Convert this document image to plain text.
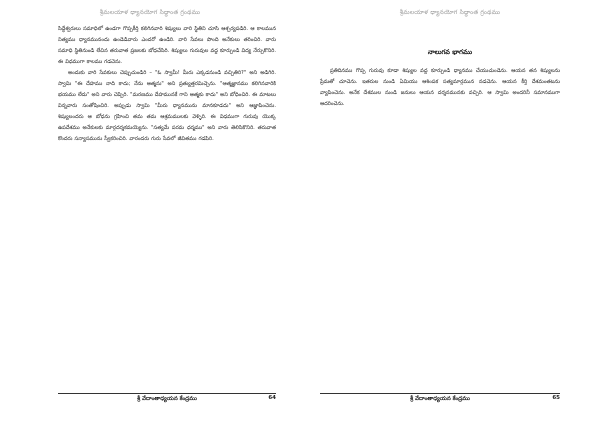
శ్రీమలయాళ ధ్యానయోగ సిద్ధాంత గ్రంథము

సిద్ధేశ్వరులు సమాధిలో ఉండగా గొప్పకీర్తి కలిగినవారి శిష్యులు వారి స్థితిని చూసి ఆశ్చర్యపడిరి. ఆ కాలమున నిత్యము ధ్యానమునందు ఉండెడివారు ఎందరో ఉండిరి. వారి సేవలు పొంది అనేకులు తరించిరి. వారు సమాధి స్థితినుండి లేచిన తరువాత ప్రజలకు బోధచేసిరి. శిష్యులు గురువుల వద్ద కూర్చుండి విద్య నేర్చుకొనిరి. ఈ విధముగా కాలము గడచెను.

అందుకు వారి సేవకులు చెప్పుచుండిరి – "ఓ స్వామీ! మీరు ఎక్కడనుండి వచ్చితిరి?" అని అడిగిరి. స్వామి "ఈ దేహము నాది కాదు; నేను ఆత్మను" అని ప్రత్యుత్తరమిచ్చెను. "ఆత్మజ్ఞానము కలిగినవారికి భయము లేదు" అని వారు చెప్పిరి. "మరణము దేహమునకే గాని ఆత్మకు కాదు" అని బోధించిరి. ఈ మాటలు విన్నవారు సంతోషించిరి. అప్పుడు స్వామి "మీరు ధ్యానమును మానకూడదు" అని ఆజ్ఞాపించెను. శిష్యులందరు ఆ బోధను గ్రహించి తమ తమ ఆశ్రమములకు వెళ్ళిరి. ఈ విధముగా గురువు యొక్క ఉపదేశము అనేకులకు మార్గదర్శకమయ్యెను. "సత్యమే పరమ ధర్మము" అని వారు తెలిసికొనిరి. తరువాత కొందరు సన్యాసమును స్వీకరించిరి. వారందరు గురు సేవలో జీవితము గడపిరి.

శ్రీ వేదాంతాధ్యయన కేంద్రము	64
శ్రీమలయాళ ధ్యానయోగ సిద్ధాంత గ్రంథము
నాలుగవ భాగము

ప్రతిదినము గొప్ప గురువు కూడా శిష్యుల వద్ద కూర్చుండి ధ్యానము చేయుచుండెను. ఆయన తన శిష్యులను ప్రేమతో చూచెను. ఇతరుల నుండి ఏమియు ఆశింపక సత్యమార్గమున నడచెను. ఆయన కీర్తి దేశమంతటను వ్యాపించెను. అనేక దేశముల నుండి జనులు ఆయన దర్శనమునకు వచ్చిరి. ఆ స్వామి అందరినీ సమానముగా ఆదరించెను.

శ్రీ వేదాంతాధ్యయన కేంద్రము	65
